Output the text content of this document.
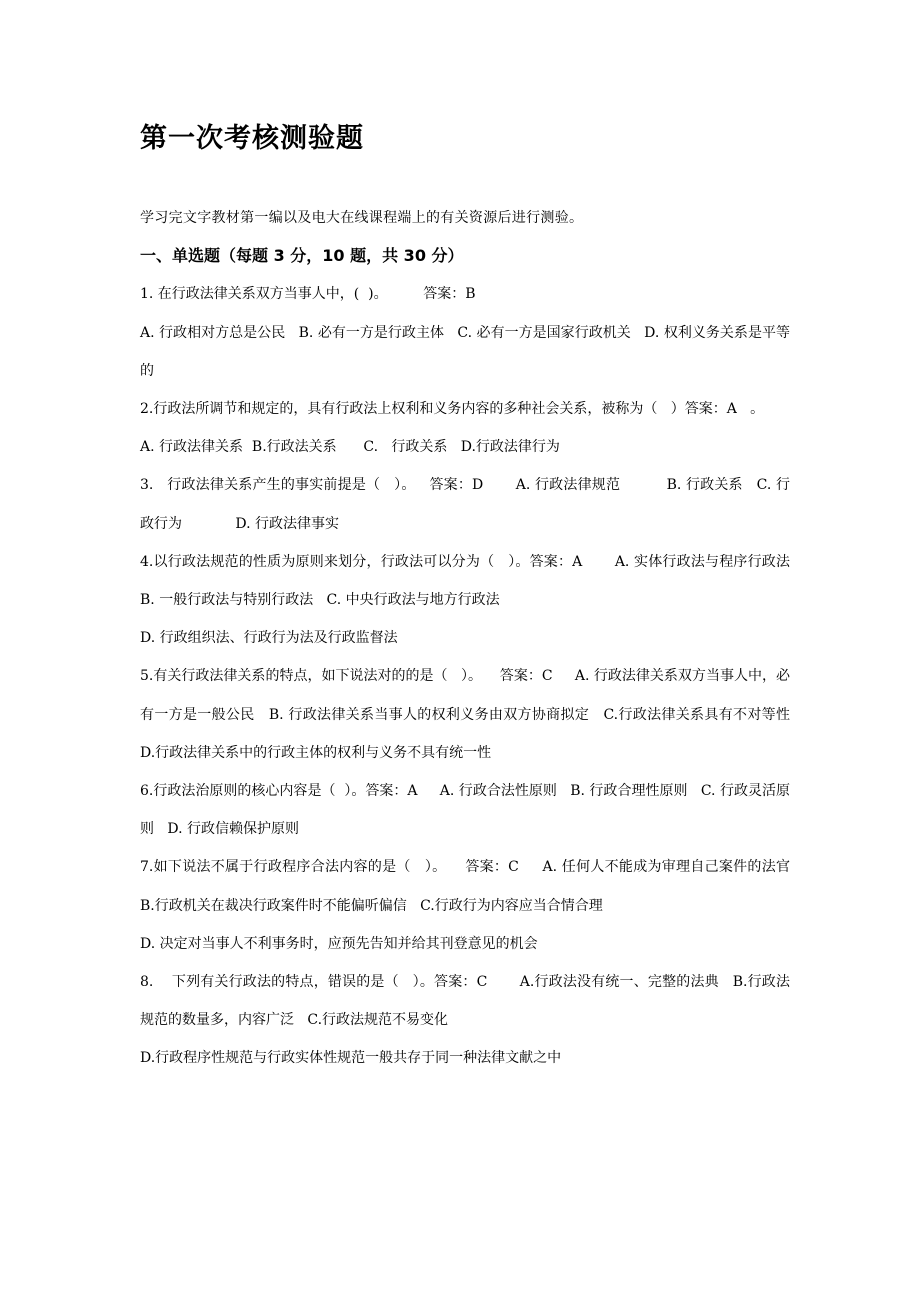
第一次考核测验题

学习完文字教材第一编以及电大在线课程端上的有关资源后进行测验。

一、单选题（每题 3 分，10 题，共 30 分）

1. 在行政法律关系双方当事人中，(  )。        答案：B

A. 行政相对方总是公民   B. 必有一方是行政主体   C. 必有一方是国家行政机关   D. 权利义务关系是平等的

2.行政法所调节和规定的，具有行政法上权利和义务内容的多种社会关系，被称为（   ）答案：A   。

A. 行政法律关系  B.行政法关系      C.   行政关系   D.行政法律行为

3.   行政法律关系产生的事实前提是（   ）。   答案：D       A. 行政法律规范          B. 行政关系   C. 行政行为            D. 行政法律事实

4.以行政法规范的性质为原则来划分，行政法可以分为（   ）。答案：A       A. 实体行政法与程序行政法   B. 一般行政法与特别行政法   C. 中央行政法与地方行政法

D. 行政组织法、行政行为法及行政监督法

5.有关行政法律关系的特点，如下说法对的的是（   ）。    答案：C     A. 行政法律关系双方当事人中，必有一方是一般公民   B. 行政法律关系当事人的权利义务由双方协商拟定   C.行政法律关系具有不对等性   D.行政法律关系中的行政主体的权利与义务不具有统一性

6.行政法治原则的核心内容是（  ）。答案：A     A. 行政合法性原则   B. 行政合理性原则   C. 行政灵活原则   D. 行政信赖保护原则

7.如下说法不属于行政程序合法内容的是（   ）。    答案：C     A. 任何人不能成为审理自己案件的法官   B.行政机关在裁决行政案件时不能偏听偏信   C.行政行为内容应当合情合理

D. 决定对当事人不利事务时，应预先告知并给其刊登意见的机会

8.    下列有关行政法的特点，错误的是（   ）。答案：C       A.行政法没有统一、完整的法典   B.行政法规范的数量多，内容广泛   C.行政法规范不易变化

D.行政程序性规范与行政实体性规范一般共存于同一种法律文献之中
